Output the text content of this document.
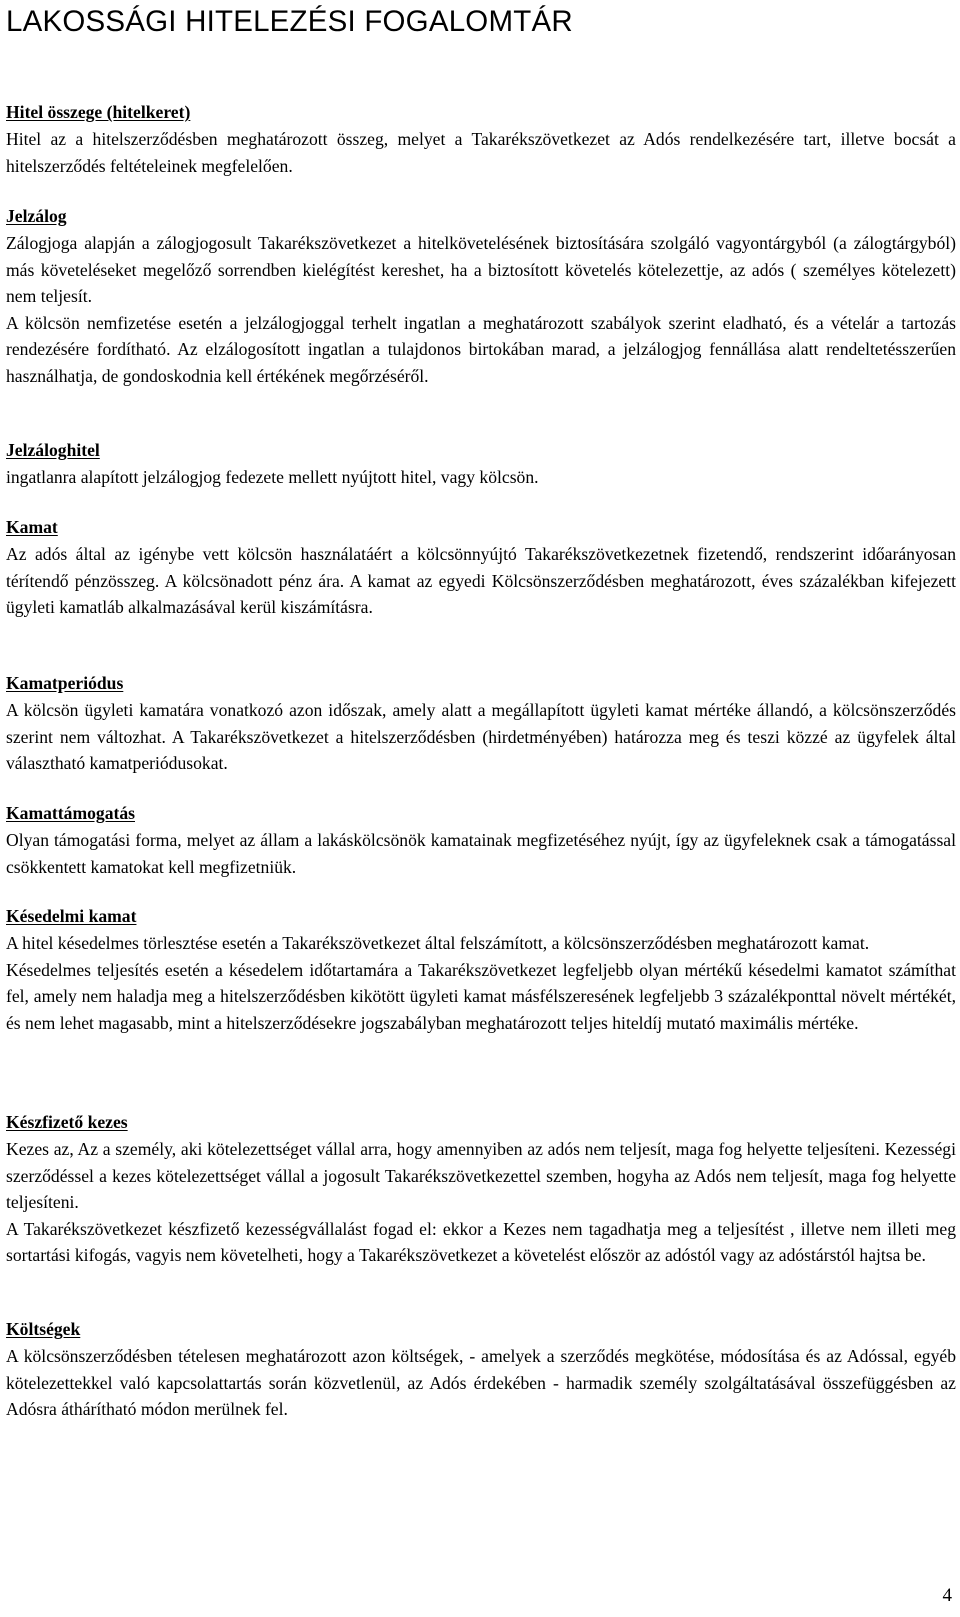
LAKOSSÁGI HITELEZÉSI FOGALOMTÁR
Hitel összege (hitelkeret)

Hitel az a hitelszerződésben meghatározott összeg, melyet a Takarékszövetkezet az Adós rendelkezésére tart, illetve bocsát a hitelszerződés feltételeinek megfelelően.

Jelzálog

Zálogjoga alapján a zálogjogosult Takarékszövetkezet a hitelkövetelésének biztosítására szolgáló vagyontárgyból (a zálogtárgyból) más követeléseket megelőző sorrendben kielégítést kereshet, ha a biztosított követelés kötelezettje, az adós ( személyes kötelezett) nem teljesít.

A kölcsön nemfizetése esetén a jelzálogjoggal terhelt ingatlan a meghatározott szabályok szerint eladható, és a vételár a tartozás rendezésére fordítható. Az elzálogosított ingatlan a tulajdonos birtokában marad, a jelzálogjog fennállása alatt rendeltetésszerűen használhatja, de gondoskodnia kell értékének megőrzéséről.

Jelzáloghitel

ingatlanra alapított jelzálogjog fedezete mellett nyújtott hitel, vagy kölcsön.

Kamat

Az adós által az igénybe vett kölcsön használatáért a kölcsönnyújtó Takarékszövetkezetnek fizetendő, rendszerint időarányosan térítendő pénzösszeg. A kölcsönadott pénz ára. A kamat az egyedi Kölcsönszerződésben meghatározott, éves százalékban kifejezett ügyleti kamatláb alkalmazásával kerül kiszámításra.

Kamatperiódus

A kölcsön ügyleti kamatára vonatkozó azon időszak, amely alatt a megállapított ügyleti kamat mértéke állandó, a kölcsönszerződés szerint nem változhat. A Takarékszövetkezet a hitelszerződésben (hirdetményében) határozza meg és teszi közzé az ügyfelek által választható kamatperiódusokat.

Kamattámogatás

Olyan támogatási forma, melyet az állam a lakáskölcsönök kamatainak megfizetéséhez nyújt, így az ügyfeleknek csak a támogatással csökkentett kamatokat kell megfizetniük.

Késedelmi kamat

A hitel késedelmes törlesztése esetén a Takarékszövetkezet által felszámított, a kölcsönszerződésben meghatározott kamat.

Késedelmes teljesítés esetén a késedelem időtartamára a Takarékszövetkezet legfeljebb olyan mértékű késedelmi kamatot számíthat fel, amely nem haladja meg a hitelszerződésben kikötött ügyleti kamat másfélszeresének legfeljebb 3 százalékponttal növelt mértékét, és nem lehet magasabb, mint a hitelszerződésekre jogszabályban meghatározott teljes hiteldíj mutató maximális mértéke.

Készfizető kezes

Kezes az, Az a személy, aki kötelezettséget vállal arra, hogy amennyiben az adós nem teljesít, maga fog helyette teljesíteni. Kezességi szerződéssel a kezes kötelezettséget vállal a jogosult Takarékszövetkezettel szemben, hogyha az Adós nem teljesít, maga fog helyette teljesíteni.

A Takarékszövetkezet készfizető kezességvállalást fogad el: ekkor a Kezes nem tagadhatja meg a teljesítést , illetve nem illeti meg sortartási kifogás, vagyis nem követelheti, hogy a Takarékszövetkezet a követelést először az adóstól vagy az adóstárstól hajtsa be.

Költségek

A kölcsönszerződésben tételesen meghatározott azon költségek, - amelyek a szerződés megkötése, módosítása és az Adóssal, egyéb kötelezettekkel való kapcsolattartás során közvetlenül, az Adós érdekében - harmadik személy szolgáltatásával összefüggésben az Adósra áthárítható módon merülnek fel.

4
